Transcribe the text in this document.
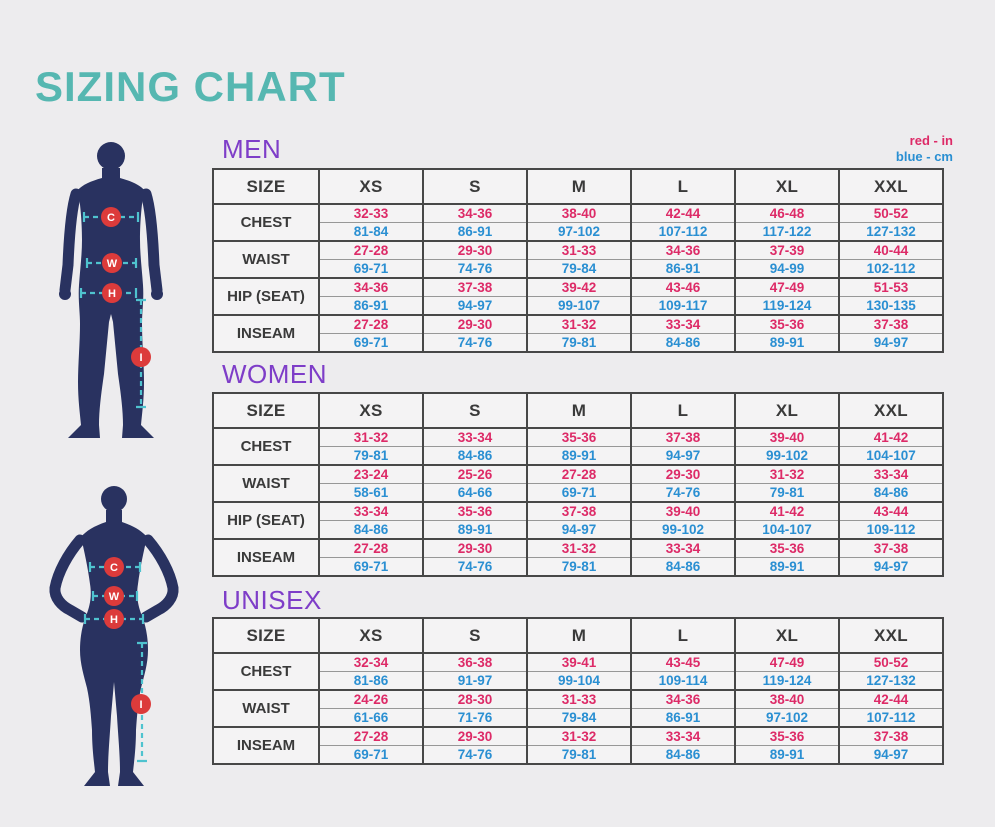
SIZING CHART
red - in
blue - cm
C
W
H
I
C
W
H
I
MEN
WOMEN
UNISEX
SIZE	XS	S	M	L	XL	XXL
CHEST	32-33	34-36	38-40	42-44	46-48	50-52
	81-84	86-91	97-102	107-112	117-122	127-132
WAIST	27-28	29-30	31-33	34-36	37-39	40-44
	69-71	74-76	79-84	86-91	94-99	102-112
HIP (SEAT)	34-36	37-38	39-42	43-46	47-49	51-53
	86-91	94-97	99-107	109-117	119-124	130-135
INSEAM	27-28	29-30	31-32	33-34	35-36	37-38
	69-71	74-76	79-81	84-86	89-91	94-97
SIZE	XS	S	M	L	XL	XXL
CHEST	31-32	33-34	35-36	37-38	39-40	41-42
	79-81	84-86	89-91	94-97	99-102	104-107
WAIST	23-24	25-26	27-28	29-30	31-32	33-34
	58-61	64-66	69-71	74-76	79-81	84-86
HIP (SEAT)	33-34	35-36	37-38	39-40	41-42	43-44
	84-86	89-91	94-97	99-102	104-107	109-112
INSEAM	27-28	29-30	31-32	33-34	35-36	37-38
	69-71	74-76	79-81	84-86	89-91	94-97
SIZE	XS	S	M	L	XL	XXL
CHEST	32-34	36-38	39-41	43-45	47-49	50-52
	81-86	91-97	99-104	109-114	119-124	127-132
WAIST	24-26	28-30	31-33	34-36	38-40	42-44
	61-66	71-76	79-84	86-91	97-102	107-112
INSEAM	27-28	29-30	31-32	33-34	35-36	37-38
	69-71	74-76	79-81	84-86	89-91	94-97
